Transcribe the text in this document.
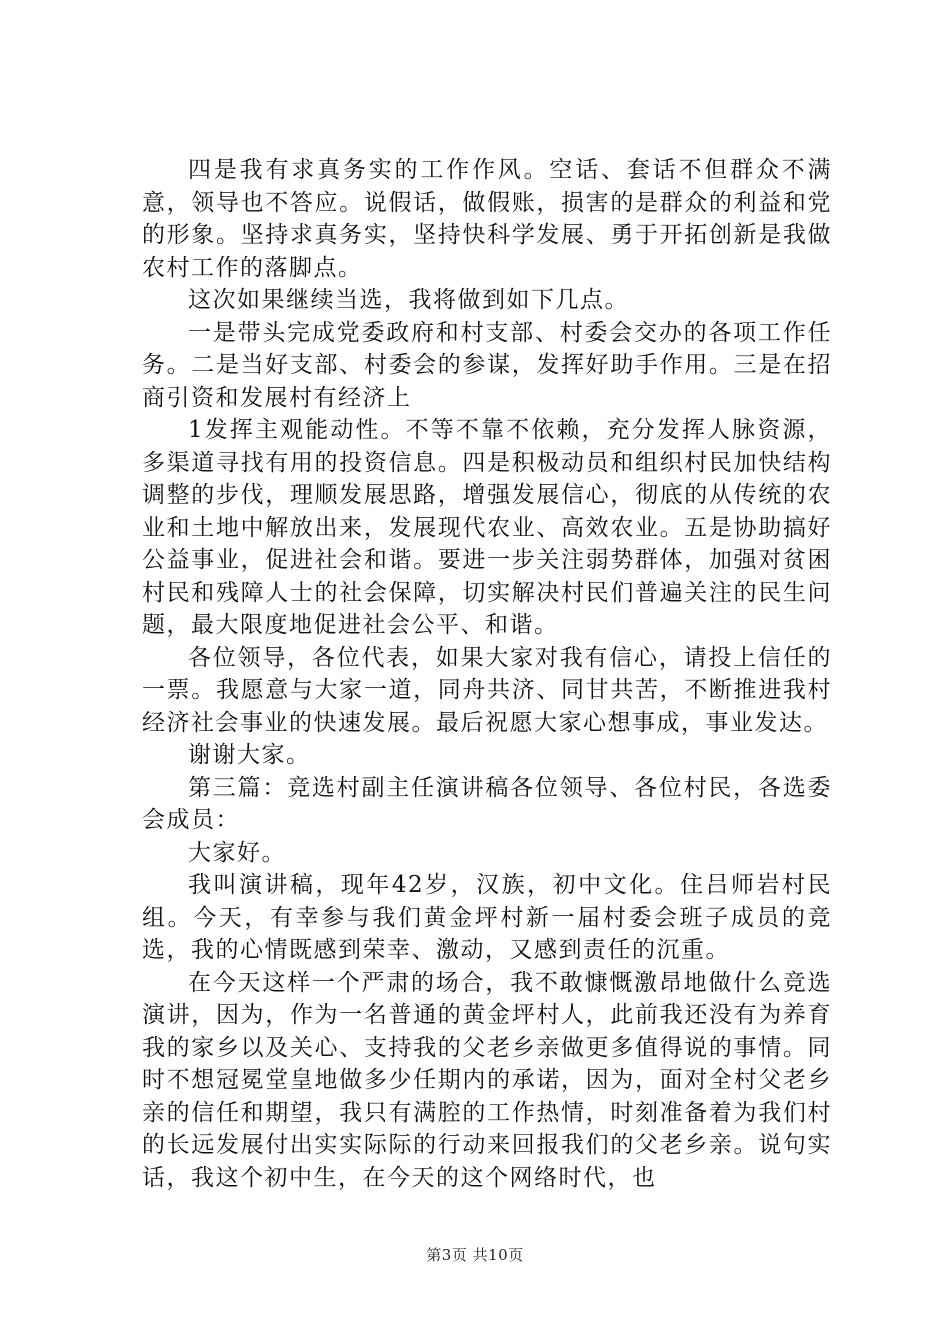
四是我有求真务实的工作作风。空话、套话不但群众不满意，领导也不答应。说假话，做假账，损害的是群众的利益和党的形象。坚持求真务实，坚持快科学发展、勇于开拓创新是我做农村工作的落脚点。

这次如果继续当选，我将做到如下几点。

一是带头完成党委政府和村支部、村委会交办的各项工作任务。二是当好支部、村委会的参谋，发挥好助手作用。三是在招商引资和发展村有经济上

1发挥主观能动性。不等不靠不依赖，充分发挥人脉资源，多渠道寻找有用的投资信息。四是积极动员和组织村民加快结构调整的步伐，理顺发展思路，增强发展信心，彻底的从传统的农业和土地中解放出来，发展现代农业、高效农业。五是协助搞好公益事业，促进社会和谐。要进一步关注弱势群体，加强对贫困村民和残障人士的社会保障，切实解决村民们普遍关注的民生问题，最大限度地促进社会公平、和谐。

各位领导，各位代表，如果大家对我有信心，请投上信任的一票。我愿意与大家一道，同舟共济、同甘共苦，不断推进我村经济社会事业的快速发展。最后祝愿大家心想事成，事业发达。

谢谢大家。

第三篇：竞选村副主任演讲稿各位领导、各位村民，各选委会成员：

大家好。

我叫演讲稿，现年42岁，汉族，初中文化。住吕师岩村民组。今天，有幸参与我们黄金坪村新一届村委会班子成员的竞选，我的心情既感到荣幸、激动，又感到责任的沉重。

在今天这样一个严肃的场合，我不敢慷慨激昂地做什么竞选演讲，因为，作为一名普通的黄金坪村人，此前我还没有为养育我的家乡以及关心、支持我的父老乡亲做更多值得说的事情。同时不想冠冕堂皇地做多少任期内的承诺，因为，面对全村父老乡亲的信任和期望，我只有满腔的工作热情，时刻准备着为我们村的长远发展付出实实际际的行动来回报我们的父老乡亲。说句实话，我这个初中生，在今天的这个网络时代，也

第3页 共10页
